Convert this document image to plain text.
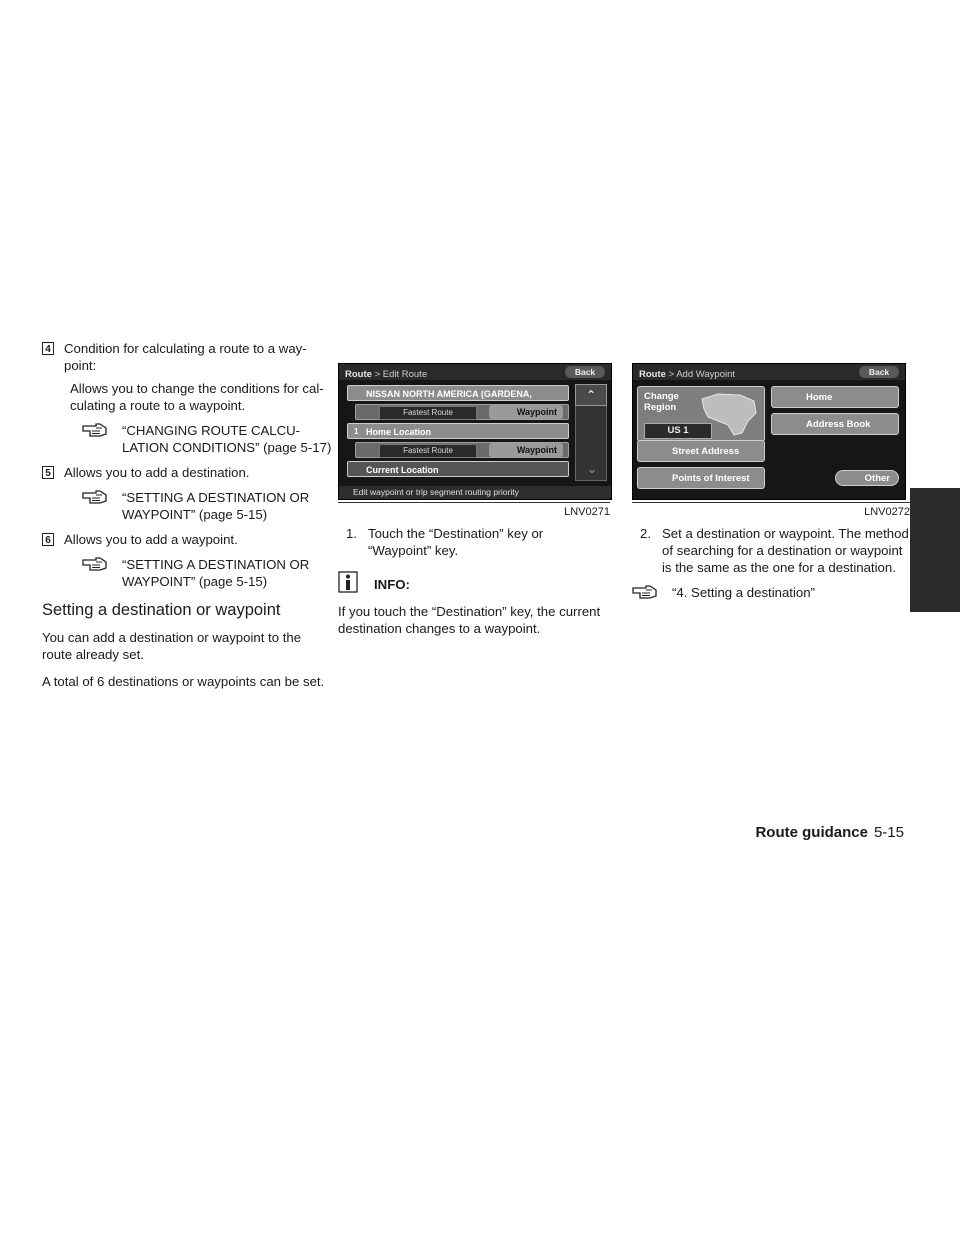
4 Condition for calculating a route to a way- point:
Allows you to change the conditions for cal- culating a route to a waypoint.
“CHANGING ROUTE CALCU- LATION CONDITIONS” (page 5-17)
5 Allows you to add a destination.
“SETTING A DESTINATION OR WAYPOINT” (page 5-15)
6 Allows you to add a waypoint.
“SETTING A DESTINATION OR WAYPOINT” (page 5-15)
Setting a destination or waypoint

You can add a destination or waypoint to the route already set.

A total of 6 destinations or waypoints can be set.

Route > Edit Route	Back
NISSAN NORTH AMERICA (GARDENA,
Fastest Route	Waypoint
1 Home Location
Fastest Route	Waypoint
Current Location
⌃
⌄
Edit waypoint or trip segment routing priority
LNV0271
1. Touch the “Destination” key or “Waypoint” key.
INFO:
If you touch the “Destination” key, the current destination changes to a waypoint.
Route > Add Waypoint	Back
Change Region
US 1
Home
Address Book
Street Address
Points of Interest	Other
LNV0272
2. Set a destination or waypoint. The method of searching for a destination or waypoint is the same as the one for a destination.
“4. Setting a destination”
Route guidance 5-15
